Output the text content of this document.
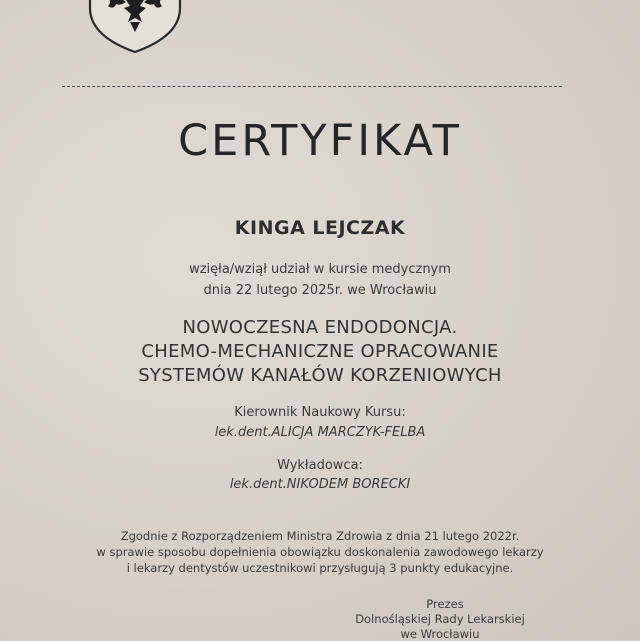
CERTYFIKAT
KINGA LEJCZAK
wzięła/wziął udział w kursie medycznym
dnia 22 lutego 2025r. we Wrocławiu
NOWOCZESNA ENDODONCJA.
CHEMO-MECHANICZNE OPRACOWANIE
SYSTEMÓW KANAŁÓW KORZENIOWYCH
Kierownik Naukowy Kursu:
lek.dent.ALICJA MARCZYK-FELBA
Wykładowca:
lek.dent.NIKODEM BORECKI
Zgodnie z Rozporządzeniem Ministra Zdrowia z dnia 21 lutego 2022r.
w sprawie sposobu dopełnienia obowiązku doskonalenia zawodowego lekarzy
i lekarzy dentystów uczestnikowi przysługują 3 punkty edukacyjne.
Prezes
Dolnośląskiej Rady Lekarskiej
we Wrocławiu
